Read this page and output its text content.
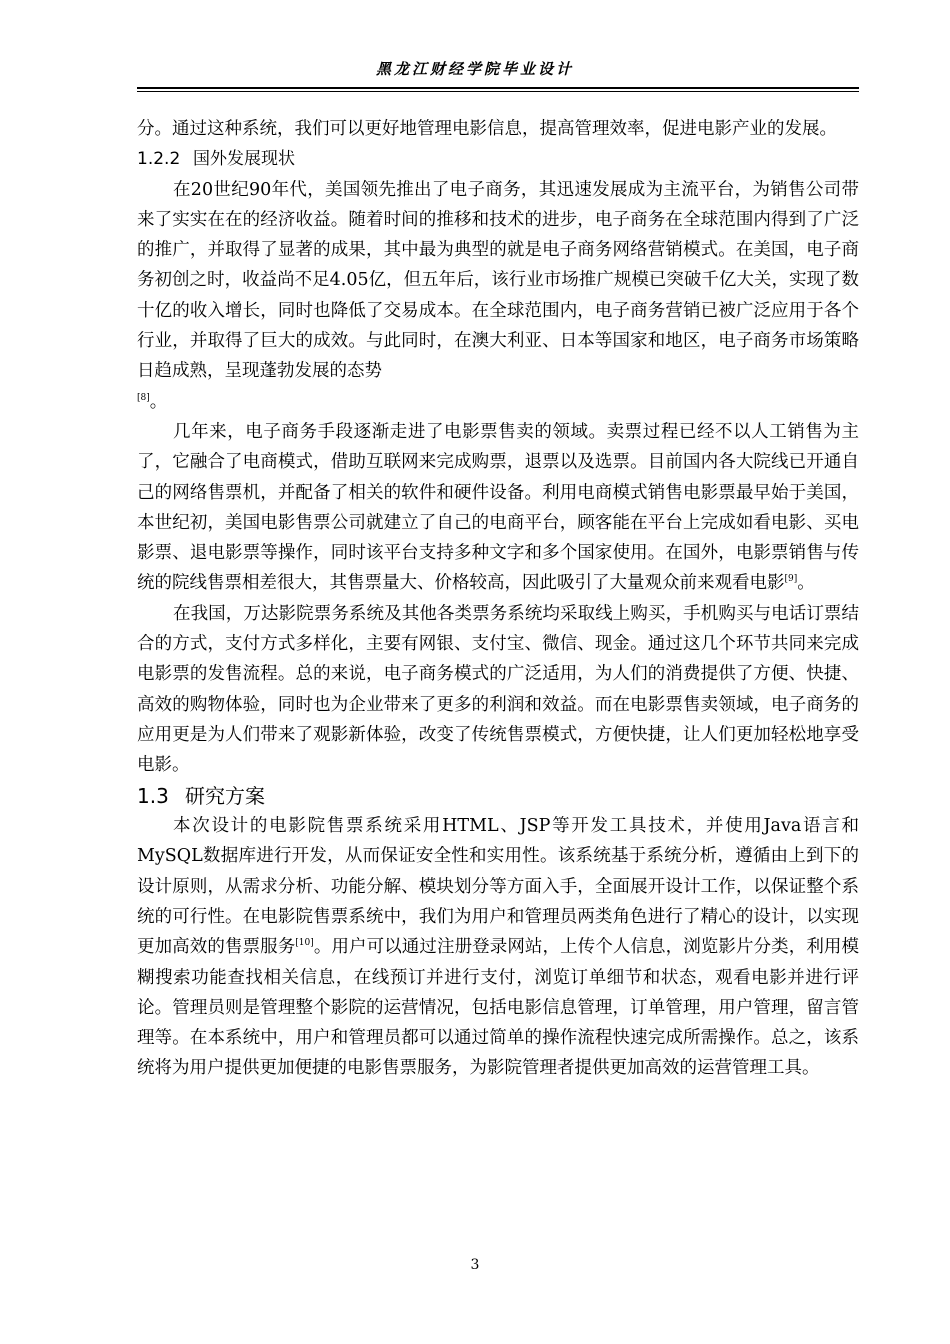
黑龙江财经学院毕业设计

分。通过这种系统，我们可以更好地管理电影信息，提高管理效率，促进电影产业的发展。

1.2.2 国外发展现状

在20世纪90年代，美国领先推出了电子商务，其迅速发展成为主流平台，为销售公司带来了实实在在的经济收益。随着时间的推移和技术的进步，电子商务在全球范围内得到了广泛的推广，并取得了显著的成果，其中最为典型的就是电子商务网络营销模式。在美国，电子商务初创之时，收益尚不足4.05亿，但五年后，该行业市场推广规模已突破千亿大关，实现了数十亿的收入增长，同时也降低了交易成本。在全球范围内，电子商务营销已被广泛应用于各个行业，并取得了巨大的成效。与此同时，在澳大利亚、日本等国家和地区，电子商务市场策略日趋成熟，呈现蓬勃发展的态势
[8]。

几年来，电子商务手段逐渐走进了电影票售卖的领域。卖票过程已经不以人工销售为主了，它融合了电商模式，借助互联网来完成购票，退票以及选票。目前国内各大院线已开通自己的网络售票机，并配备了相关的软件和硬件设备。利用电商模式销售电影票最早始于美国，本世纪初，美国电影售票公司就建立了自己的电商平台，顾客能在平台上完成如看电影、买电影票、退电影票等操作，同时该平台支持多种文字和多个国家使用。在国外，电影票销售与传统的院线售票相差很大，其售票量大、价格较高，因此吸引了大量观众前来观看电影[9]。

在我国，万达影院票务系统及其他各类票务系统均采取线上购买，手机购买与电话订票结合的方式，支付方式多样化，主要有网银、支付宝、微信、现金。通过这几个环节共同来完成电影票的发售流程。总的来说，电子商务模式的广泛适用，为人们的消费提供了方便、快捷、高效的购物体验，同时也为企业带来了更多的利润和效益。而在电影票售卖领域，电子商务的应用更是为人们带来了观影新体验，改变了传统售票模式，方便快捷，让人们更加轻松地享受电影。

1.3 研究方案

本次设计的电影院售票系统采用HTML、JSP等开发工具技术，并使用Java语言和MySQL数据库进行开发，从而保证安全性和实用性。该系统基于系统分析，遵循由上到下的设计原则，从需求分析、功能分解、模块划分等方面入手，全面展开设计工作，以保证整个系统的可行性。在电影院售票系统中，我们为用户和管理员两类角色进行了精心的设计，以实现更加高效的售票服务[10]。用户可以通过注册登录网站，上传个人信息，浏览影片分类，利用模糊搜索功能查找相关信息，在线预订并进行支付，浏览订单细节和状态，观看电影并进行评论。管理员则是管理整个影院的运营情况，包括电影信息管理，订单管理，用户管理，留言管理等。在本系统中，用户和管理员都可以通过简单的操作流程快速完成所需操作。总之，该系统将为用户提供更加便捷的电影售票服务，为影院管理者提供更加高效的运营管理工具。

3
